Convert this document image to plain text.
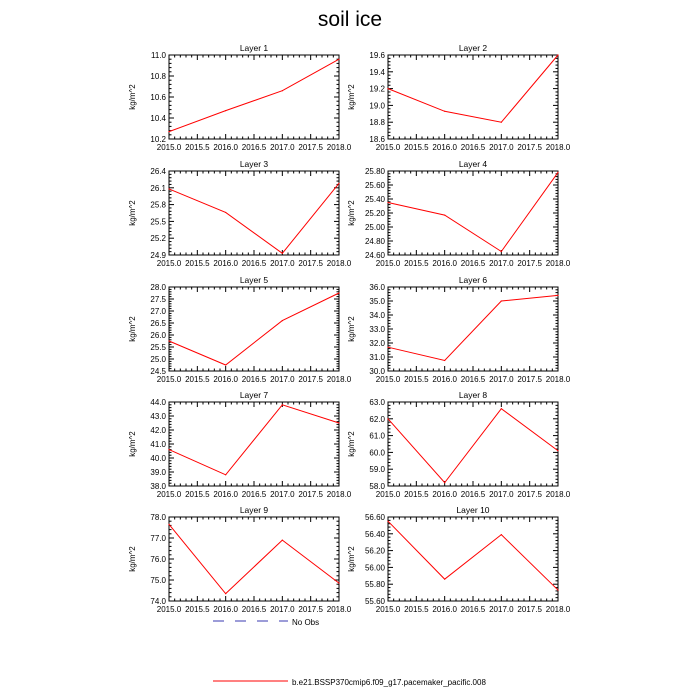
soil ice
Layer 1
kg/m^2
2015.0 2015.5 2016.0 2016.5 2017.0 2017.5 2018.0
10.2
10.4
10.6
10.8
11.0
Layer 2
kg/m^2
2015.0 2015.5 2016.0 2016.5 2017.0 2017.5 2018.0
18.6
18.8
19.0
19.2
19.4
19.6
Layer 3
kg/m^2
2015.0 2015.5 2016.0 2016.5 2017.0 2017.5 2018.0
24.9
25.2
25.5
25.8
26.1
26.4
Layer 4
kg/m^2
2015.0 2015.5 2016.0 2016.5 2017.0 2017.5 2018.0
24.60
24.80
25.00
25.20
25.40
25.60
25.80
Layer 5
kg/m^2
2015.0 2015.5 2016.0 2016.5 2017.0 2017.5 2018.0
24.5
25.0
25.5
26.0
26.5
27.0
27.5
28.0
Layer 6
kg/m^2
2015.0 2015.5 2016.0 2016.5 2017.0 2017.5 2018.0
30.0
31.0
32.0
33.0
34.0
35.0
36.0
Layer 7
kg/m^2
2015.0 2015.5 2016.0 2016.5 2017.0 2017.5 2018.0
38.0
39.0
40.0
41.0
42.0
43.0
44.0
Layer 8
kg/m^2
2015.0 2015.5 2016.0 2016.5 2017.0 2017.5 2018.0
58.0
59.0
60.0
61.0
62.0
63.0
Layer 9
kg/m^2
2015.0 2015.5 2016.0 2016.5 2017.0 2017.5 2018.0
74.0
75.0
76.0
77.0
78.0
Layer 10
kg/m^2
2015.0 2015.5 2016.0 2016.5 2017.0 2017.5 2018.0
55.60
55.80
56.00
56.20
56.40
56.60
No Obs
b.e21.BSSP370cmip6.f09_g17.pacemaker_pacific.008
